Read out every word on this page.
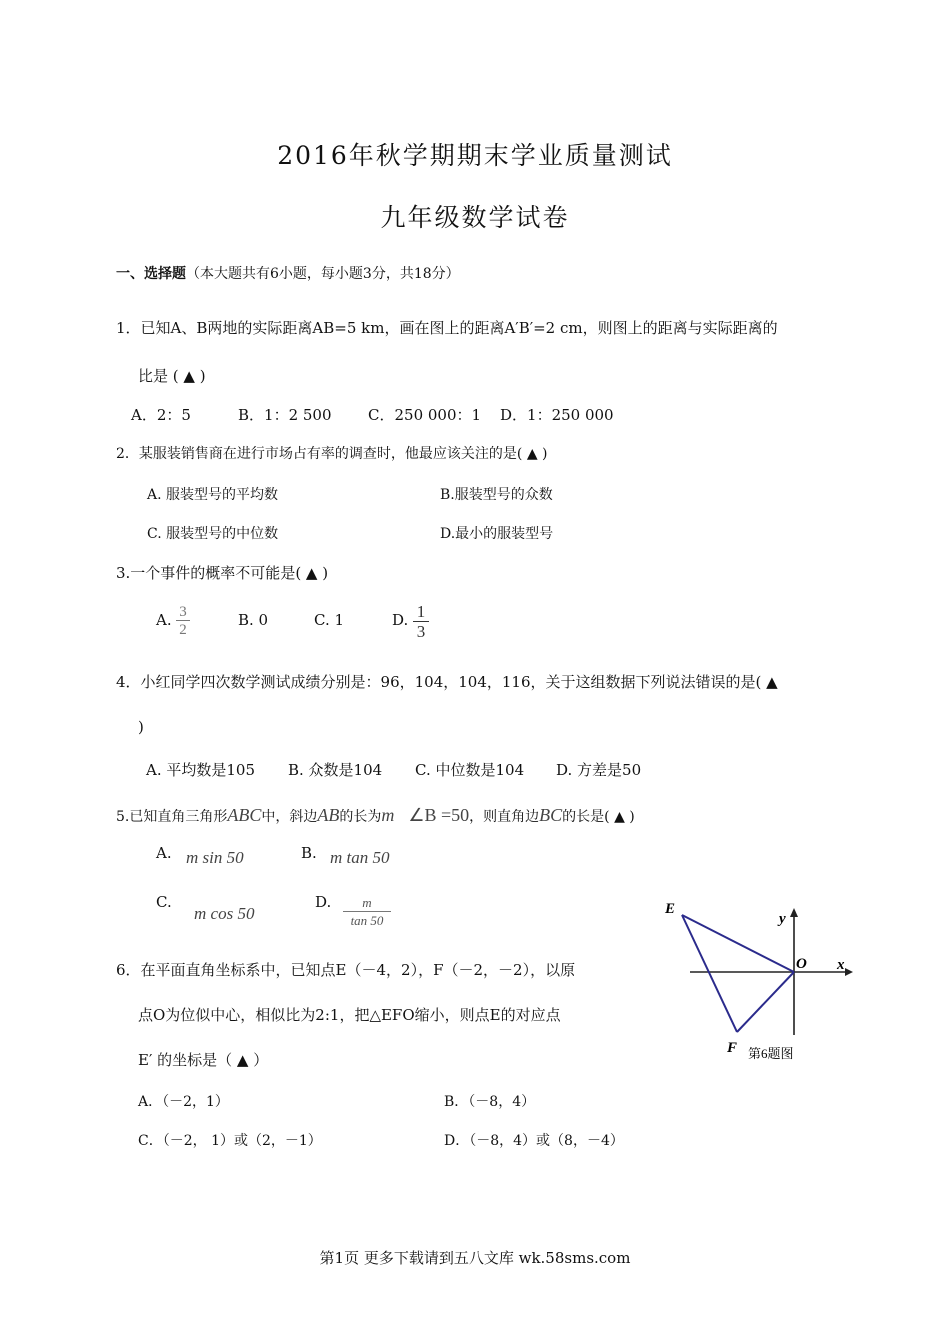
2016年秋学期期末学业质量测试
九年级数学试卷
一、选择题（本大题共有6小题，每小题3分，共18分）
1．已知A、B两地的实际距离AB=5 km，画在图上的距离A′B′=2 cm，则图上的距离与实际距离的
比是 ( ▲ )
A．2：5	B．1：2 500 C．250 000：1 D．1：250 000
2．某服装销售商在进行市场占有率的调查时，他最应该关注的是( ▲ )
A. 服装型号的平均数	B.服装型号的众数
C. 服装型号的中位数	D.最小的服装型号
3.一个事件的概率不可能是( ▲ )
A. 3
2
B. 0	C. 1	D. 1
3
4．小红同学四次数学测试成绩分别是：96，104，104，116，关于这组数据下列说法错误的是( ▲
)
A. 平均数是105 B. 众数是104 C. 中位数是104 D. 方差是50
5.已知直角三角形ABC中，斜边AB的长为m ∠B =50，则直角边BC的长是( ▲ )
A. m sin 50	B. m tan 50
C.
m cos 50
D.	m
tan 50
6．在平面直角坐标系中，已知点E（－4，2），F（－2，－2），以原
点O为位似中心，相似比为2:1，把△EFO缩小，则点E的对应点
E′ 的坐标是（ ▲ ）
A．（－2，1）	B．（－8，4）
C．（－2， 1）或（2，－1）	D．（－8，4）或（8，－4）
E
F
O x
y
第6题图
第1页 更多下载请到五八文库 wk.58sms.com
